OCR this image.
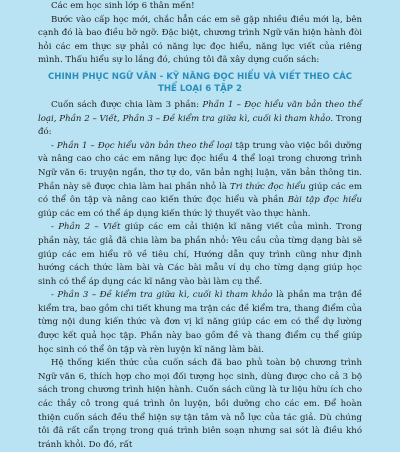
Các em học sinh lớp 6 thân mến!

Bước vào cấp học mới, chắc hẳn các em sẽ gặp nhiều điều mới lạ, bên cạnh đó là bao điều bỡ ngỡ. Đặc biệt, chương trình Ngữ văn hiện hành đòi hỏi các em thực sự phải có năng lực đọc hiểu, năng lực viết của riêng mình. Thấu hiểu sự lo lắng đó, chúng tôi đã xây dựng cuốn sách:

CHINH PHỤC NGỮ VĂN - KỸ NĂNG ĐỌC HIỂU VÀ VIẾT THEO CÁC THỂ LOẠI 6 TẬP 2

Cuốn sách được chia làm 3 phần: Phần 1 – Đọc hiểu văn bản theo thể loại, Phần 2 – Viết, Phần 3 – Đề kiểm tra giữa kì, cuối kì tham khảo. Trong đó:

- Phần 1 – Đọc hiểu văn bản theo thể loại tập trung vào việc bồi dưỡng và nâng cao cho các em năng lực đọc hiểu 4 thể loại trong chương trình Ngữ văn 6: truyện ngắn, thơ tự do, văn bản nghị luận, văn bản thông tin. Phần này sẽ được chia làm hai phần nhỏ là Tri thức đọc hiểu giúp các em có thể ôn tập và nâng cao kiến thức đọc hiểu và phần Bài tập đọc hiểu giúp các em có thể áp dụng kiến thức lý thuyết vào thực hành.

- Phần 2 – Viết giúp các em cải thiện kĩ năng viết của mình. Trong phần này, tác giả đã chia làm ba phần nhỏ: Yêu cầu của từng dạng bài sẽ giúp các em hiểu rõ về tiêu chí, Hướng dẫn quy trình cũng như định hướng cách thức làm bài và Các bài mẫu ví dụ cho từng dạng giúp học sinh có thể áp dụng các kĩ năng vào bài làm cụ thể.

- Phần 3 – Đề kiểm tra giữa kì, cuối kì tham khảo là phần ma trận đề kiểm tra, bao gồm chi tiết khung ma trận các đề kiểm tra, thang điểm của từng nội dung kiến thức và đơn vị kĩ năng giúp các em có thể dự lường được kết quả học tập. Phần này bao gồm đề và thang điểm cụ thể giúp học sinh có thể ôn tập và rèn luyện kĩ năng làm bài.

Hệ thống kiến thức của cuốn sách đã bao phủ toàn bộ chương trình Ngữ văn 6, thích hợp cho mọi đối tượng học sinh, dùng được cho cả 3 bộ sách trong chương trình hiện hành. Cuốn sách cũng là tư liệu hữu ích cho các thầy cô trong quá trình ôn luyện, bồi dưỡng cho các em. Để hoàn thiện cuốn sách đều thể hiện sự tận tâm và nỗ lực của tác giả. Dù chúng tôi đã rất cẩn trọng trong quá trình biên soạn nhưng sai sót là điều khó tránh khỏi. Do đó, rất
